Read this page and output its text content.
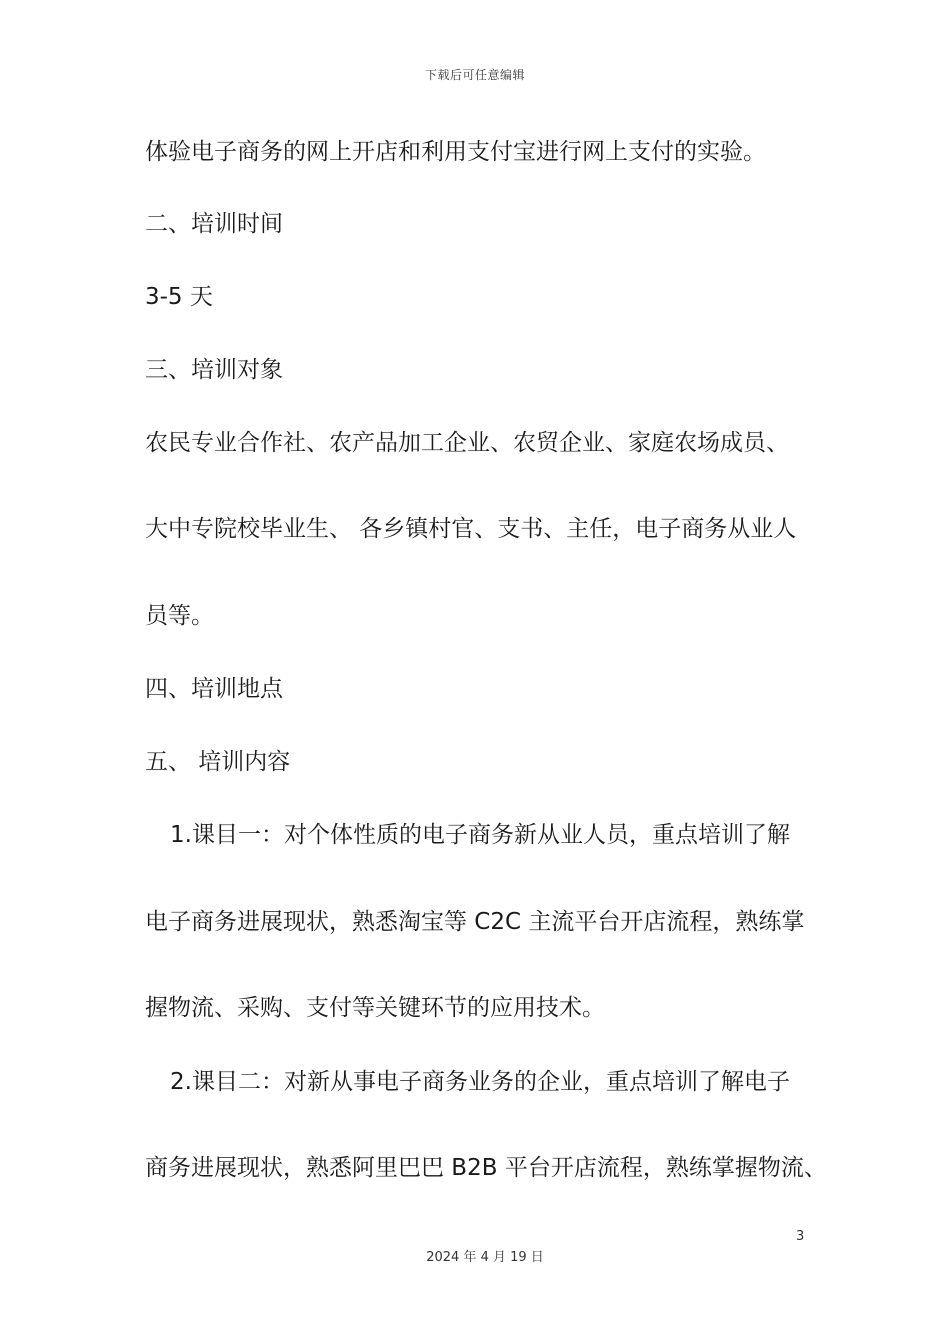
下载后可任意编辑
体验电子商务的网上开店和利用支付宝进行网上支付的实验。
二、培训时间
3-5 天
三、培训对象
农民专业合作社、农产品加工企业、农贸企业、家庭农场成员、
大中专院校毕业生、 各乡镇村官、支书、主任，电子商务从业人
员等。
四、培训地点
五、 培训内容
1.课目一：对个体性质的电子商务新从业人员，重点培训了解
电子商务进展现状，熟悉淘宝等 C2C 主流平台开店流程，熟练掌
握物流、采购、支付等关键环节的应用技术。
2.课目二：对新从事电子商务业务的企业，重点培训了解电子
商务进展现状，熟悉阿里巴巴 B2B 平台开店流程，熟练掌握物流、
3
2024 年 4 月 19 日
